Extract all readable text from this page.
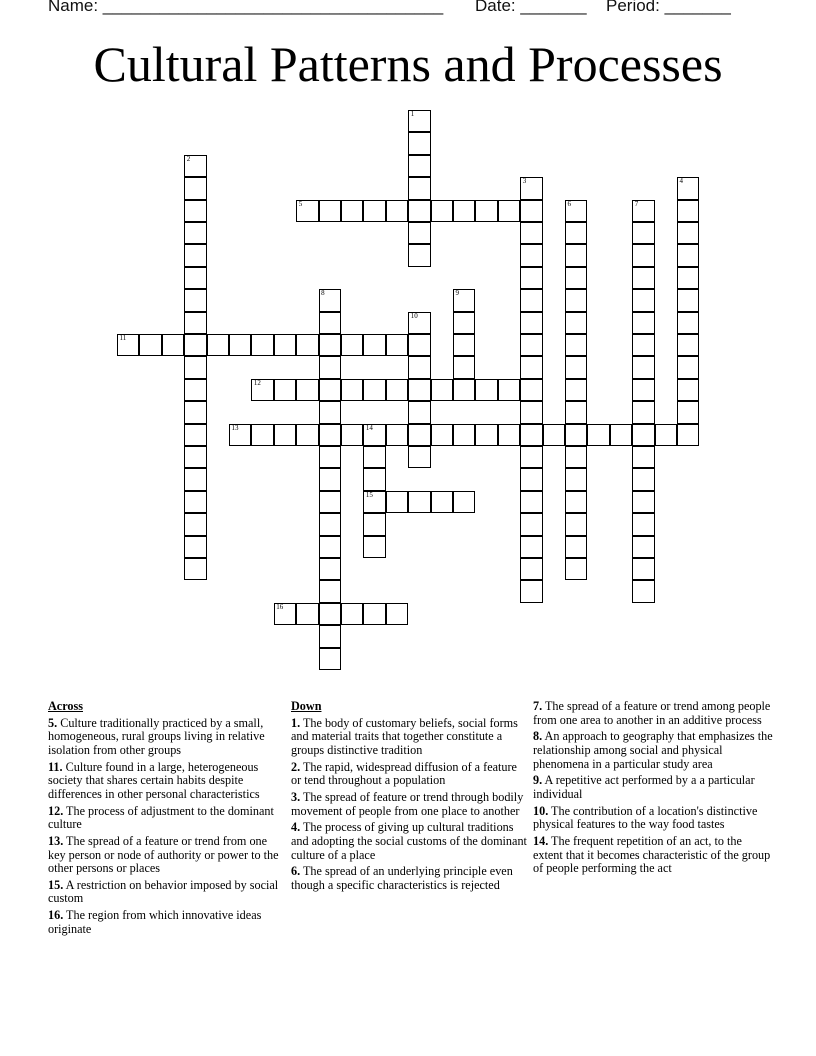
Name: ____________________________________ Date: _______ Period: _______
Cultural Patterns and Processes
1
2
3	4
5	6	7
8	9
10
11
12
13	14
15
16
Across
5. Culture traditionally practiced by a small, homogeneous, rural groups living in relative isolation from other groups
11. Culture found in a large, heterogeneous society that shares certain habits despite differences in other personal characteristics
12. The process of adjustment to the dominant culture
13. The spread of a feature or trend from one key person or node of authority or power to the other persons or places
15. A restriction on behavior imposed by social custom
16. The region from which innovative ideas originate
Down
1. The body of customary beliefs, social forms and material traits that together constitute a groups distinctive tradition
2. The rapid, widespread diffusion of a feature or tend throughout a population
3. The spread of feature or trend through bodily movement of people from one place to another
4. The process of giving up cultural traditions and adopting the social customs of the dominant culture of a place
6. The spread of an underlying principle even though a specific characteristics is rejected
7. The spread of a feature or trend among people from one area to another in an additive process
8. An approach to geography that emphasizes the relationship among social and physical phenomena in a particular study area
9. A repetitive act performed by a a particular individual
10. The contribution of a location's distinctive physical features to the way food tastes
14. The frequent repetition of an act, to the extent that it becomes characteristic of the group of people performing the act
